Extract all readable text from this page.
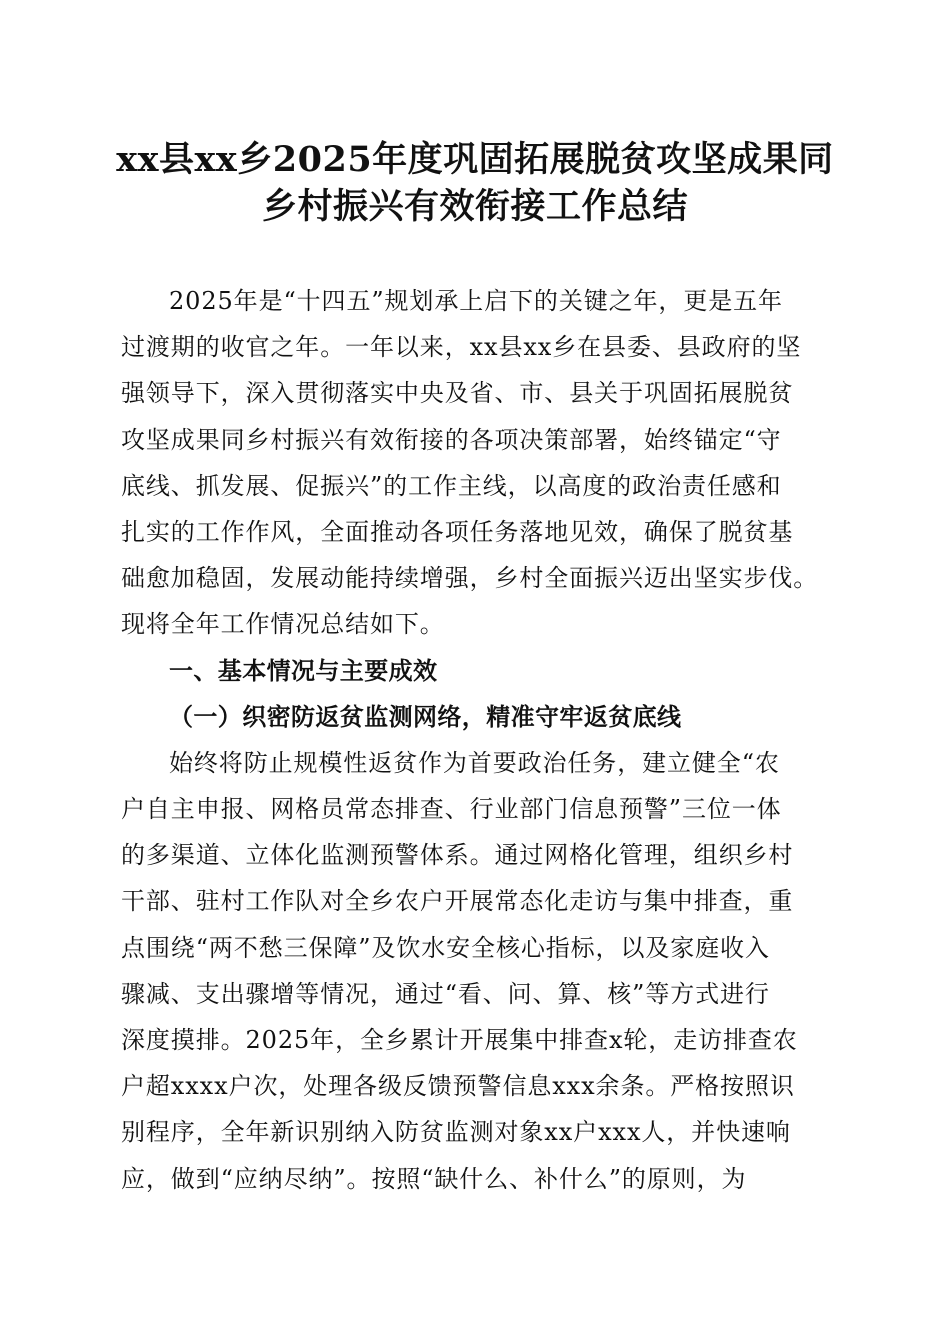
xx县xx乡2025年度巩固拓展脱贫攻坚成果同
乡村振兴有效衔接工作总结
2025年是“十四五”规划承上启下的关键之年，更是五年
过渡期的收官之年。一年以来，xx县xx乡在县委、县政府的坚
强领导下，深入贯彻落实中央及省、市、县关于巩固拓展脱贫
攻坚成果同乡村振兴有效衔接的各项决策部署，始终锚定“守
底线、抓发展、促振兴”的工作主线，以高度的政治责任感和
扎实的工作作风，全面推动各项任务落地见效，确保了脱贫基
础愈加稳固，发展动能持续增强，乡村全面振兴迈出坚实步伐。
现将全年工作情况总结如下。
一、基本情况与主要成效
（一）织密防返贫监测网络，精准守牢返贫底线
始终将防止规模性返贫作为首要政治任务，建立健全“农
户自主申报、网格员常态排查、行业部门信息预警”三位一体
的多渠道、立体化监测预警体系。通过网格化管理，组织乡村
干部、驻村工作队对全乡农户开展常态化走访与集中排查，重
点围绕“两不愁三保障”及饮水安全核心指标，以及家庭收入
骤减、支出骤增等情况，通过“看、问、算、核”等方式进行
深度摸排。2025年，全乡累计开展集中排查x轮，走访排查农
户超xxxx户次，处理各级反馈预警信息xxx余条。严格按照识
别程序，全年新识别纳入防贫监测对象xx户xxx人，并快速响
应，做到“应纳尽纳”。按照“缺什么、补什么”的原则，为
